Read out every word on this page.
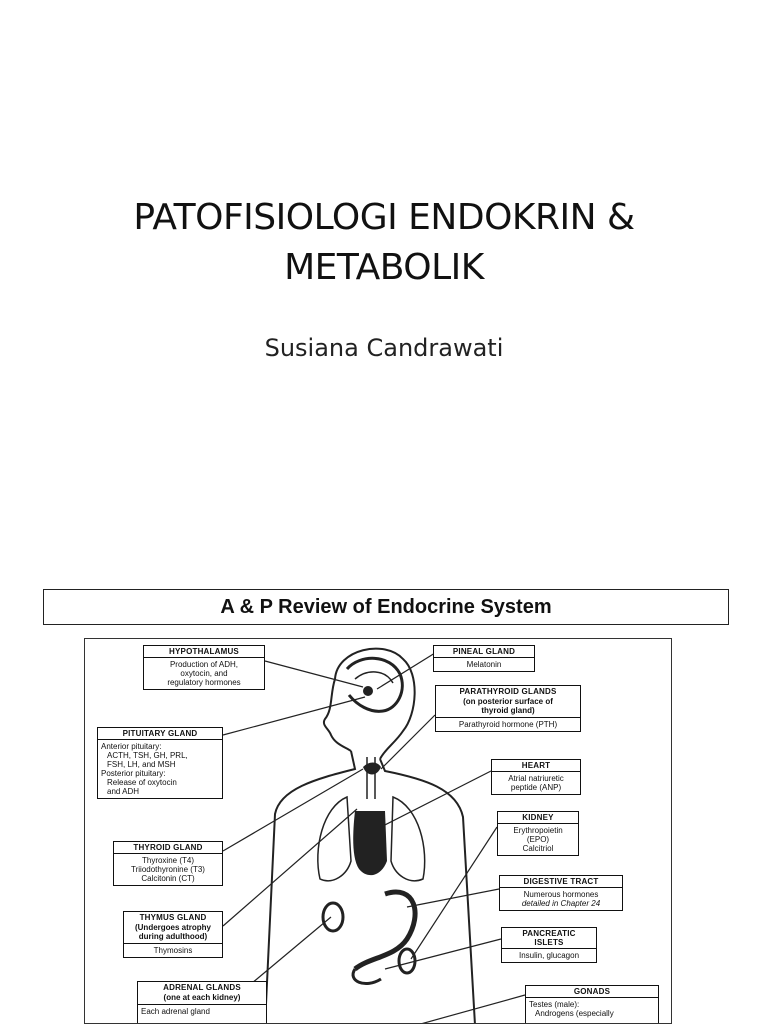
PATOFISIOLOGI ENDOKRIN &
METABOLIK
Susiana Candrawati
A & P Review of Endocrine System
HYPOTHALAMUS
Production of ADH,
oxytocin, and
regulatory hormones
PITUITARY GLAND
Anterior pituitary:
ACTH, TSH, GH, PRL,
FSH, LH, and MSH
Posterior pituitary:
Release of oxytocin
and ADH
THYROID GLAND
Thyroxine (T4)
Triiodothyronine (T3)
Calcitonin (CT)
THYMUS GLAND
(Undergoes atrophy
during adulthood)
Thymosins
ADRENAL GLANDS
(one at each kidney)
Each adrenal gland
PINEAL GLAND
Melatonin
PARATHYROID GLANDS
(on posterior surface of
thyroid gland)
Parathyroid hormone (PTH)
HEART
Atrial natriuretic
peptide (ANP)
KIDNEY
Erythropoietin
(EPO)
Calcitriol
DIGESTIVE TRACT
Numerous hormones
detailed in Chapter 24
PANCREATIC
ISLETS
Insulin, glucagon
GONADS
Testes (male):
Androgens (especially
